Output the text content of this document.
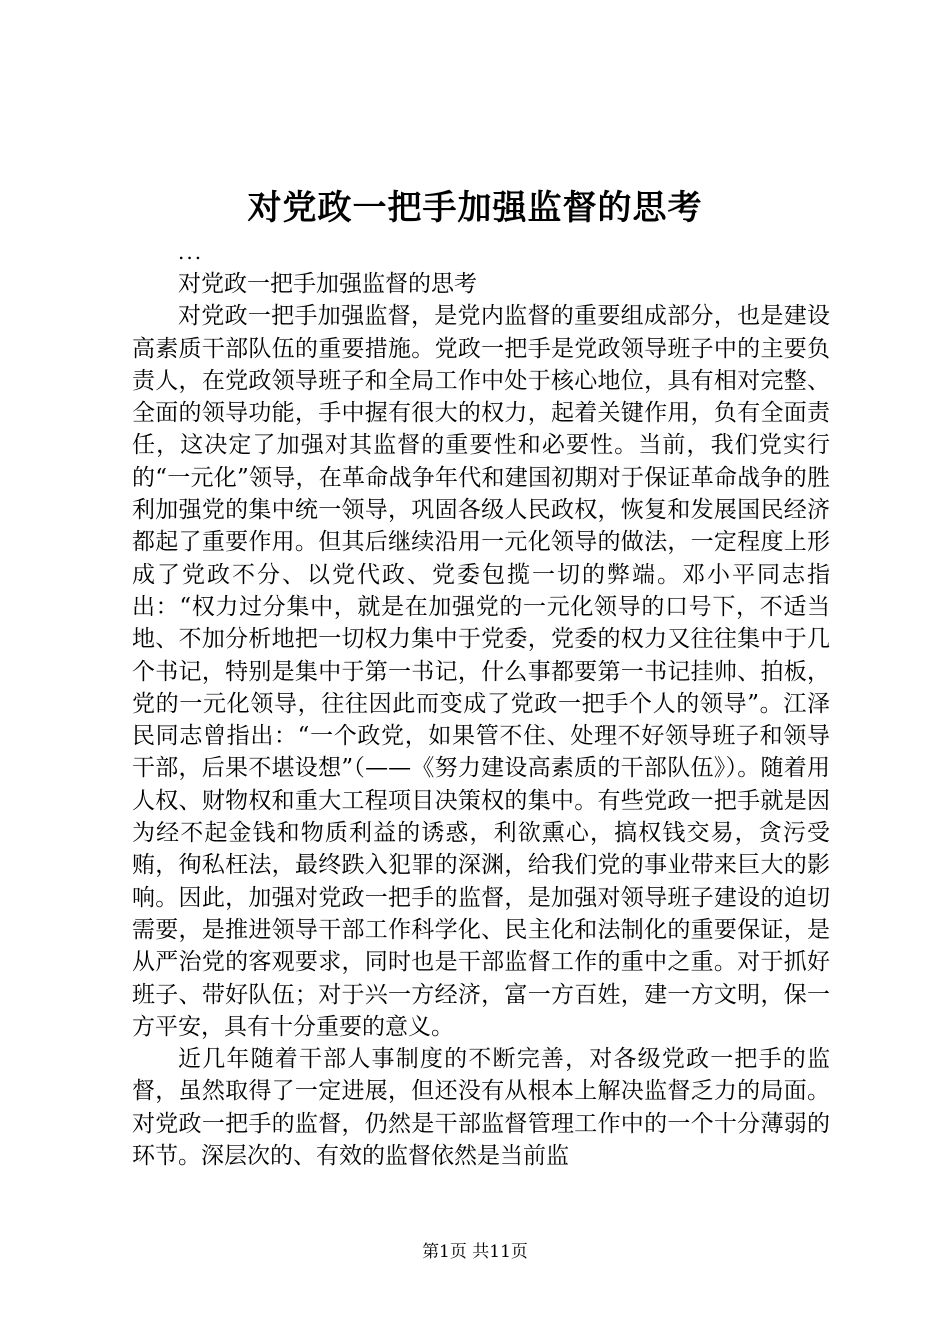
对党政一把手加强监督的思考
...

对党政一把手加强监督的思考

对党政一把手加强监督，是党内监督的重要组成部分，也是建设高素质干部队伍的重要措施。党政一把手是党政领导班子中的主要负责人，在党政领导班子和全局工作中处于核心地位，具有相对完整、全面的领导功能，手中握有很大的权力，起着关键作用，负有全面责任，这决定了加强对其监督的重要性和必要性。当前，我们党实行的“一元化”领导，在革命战争年代和建国初期对于保证革命战争的胜利加强党的集中统一领导，巩固各级人民政权，恢复和发展国民经济都起了重要作用。但其后继续沿用一元化领导的做法，一定程度上形成了党政不分、以党代政、党委包揽一切的弊端。邓小平同志指出：“权力过分集中，就是在加强党的一元化领导的口号下，不适当地、不加分析地把一切权力集中于党委，党委的权力又往往集中于几个书记，特别是集中于第一书记，什么事都要第一书记挂帅、拍板，党的一元化领导，往往因此而变成了党政一把手个人的领导”。江泽民同志曾指出：“一个政党，如果管不住、处理不好领导班子和领导干部，后果不堪设想”（——《努力建设高素质的干部队伍》）。随着用人权、财物权和重大工程项目决策权的集中。有些党政一把手就是因为经不起金钱和物质利益的诱惑，利欲熏心，搞权钱交易，贪污受贿，徇私枉法，最终跌入犯罪的深渊，给我们党的事业带来巨大的影响。因此，加强对党政一把手的监督，是加强对领导班子建设的迫切需要，是推进领导干部工作科学化、民主化和法制化的重要保证，是从严治党的客观要求，同时也是干部监督工作的重中之重。对于抓好班子、带好队伍；对于兴一方经济，富一方百姓，建一方文明，保一方平安，具有十分重要的意义。

近几年随着干部人事制度的不断完善，对各级党政一把手的监督，虽然取得了一定进展，但还没有从根本上解决监督乏力的局面。对党政一把手的监督，仍然是干部监督管理工作中的一个十分薄弱的环节。深层次的、有效的监督依然是当前监

第1页 共11页
